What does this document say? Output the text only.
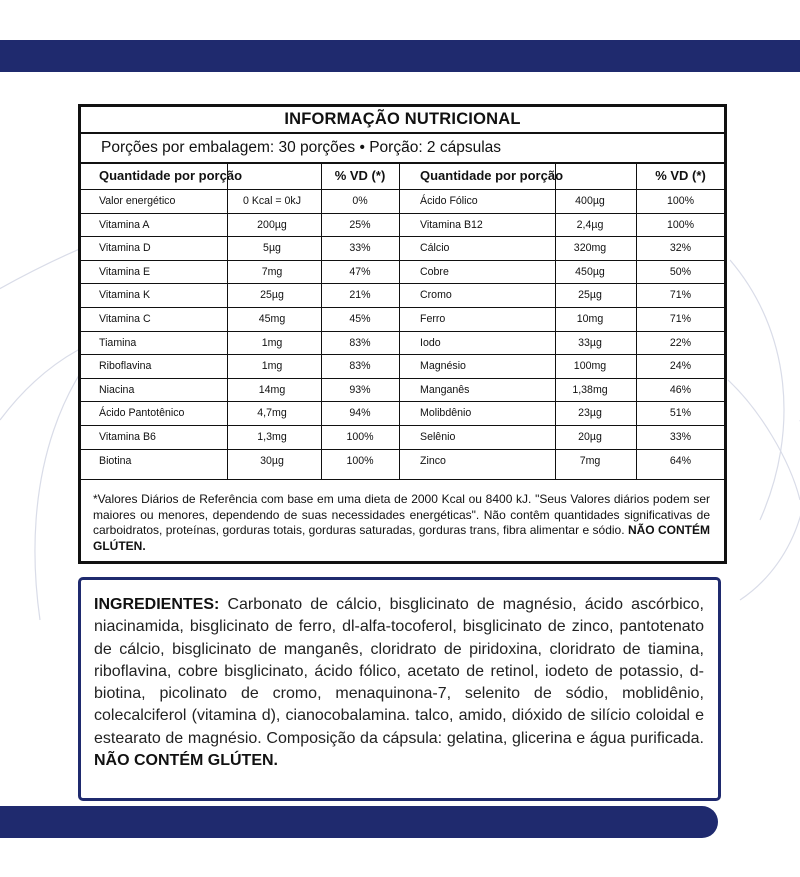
INFORMAÇÃO NUTRICIONAL
Porções por embalagem: 30 porções • Porção: 2 cápsulas
Quantidade por porção	% VD (*)
Valor energético	0 Kcal = 0kJ	0%
Vitamina A	200µg	25%
Vitamina D	5µg	33%
Vitamina E	7mg	47%
Vitamina K	25µg	21%
Vitamina C	45mg	45%
Tiamina	1mg	83%
Riboflavina	1mg	83%
Niacina	14mg	93%
Ácido Pantotênico	4,7mg	94%
Vitamina B6	1,3mg	100%
Biotina	30µg	100%
Quantidade por porção	% VD (*)
Ácido Fólico	400µg	100%
Vitamina B12	2,4µg	100%
Cálcio	320mg	32%
Cobre	450µg	50%
Cromo	25µg	71%
Ferro	10mg	71%
Iodo	33µg	22%
Magnésio	100mg	24%
Manganês	1,38mg	46%
Molibdênio	23µg	51%
Selênio	20µg	33%
Zinco	7mg	64%
*Valores Diários de Referência com base em uma dieta de 2000 Kcal ou 8400 kJ. "Seus Valores diários podem ser maiores ou menores, dependendo de suas necessidades energéticas". Não contêm quantidades significativas de carboidratos, proteínas, gorduras totais, gorduras saturadas, gorduras trans, fibra alimentar e sódio. NÃO CONTÉM GLÚTEN.
INGREDIENTES: Carbonato de cálcio, bisglicinato de magnésio, ácido ascórbico, niacinamida, bisglicinato de ferro, dl-alfa-tocoferol, bisglicinato de zinco, pantotenato de cálcio, bisglicinato de manganês, cloridrato de piridoxina, cloridrato de tiamina, riboflavina, cobre bisglicinato, ácido fólico, acetato de retinol, iodeto de potassio, d-biotina, picolinato de cromo, menaquinona-7, selenito de sódio, moblidênio, colecalciferol (vitamina d), cianocobalamina. talco, amido, dióxido de silício coloidal e estearato de magnésio. Composição da cápsula: gelatina, glicerina e água purificada. NÃO CONTÉM GLÚTEN.
